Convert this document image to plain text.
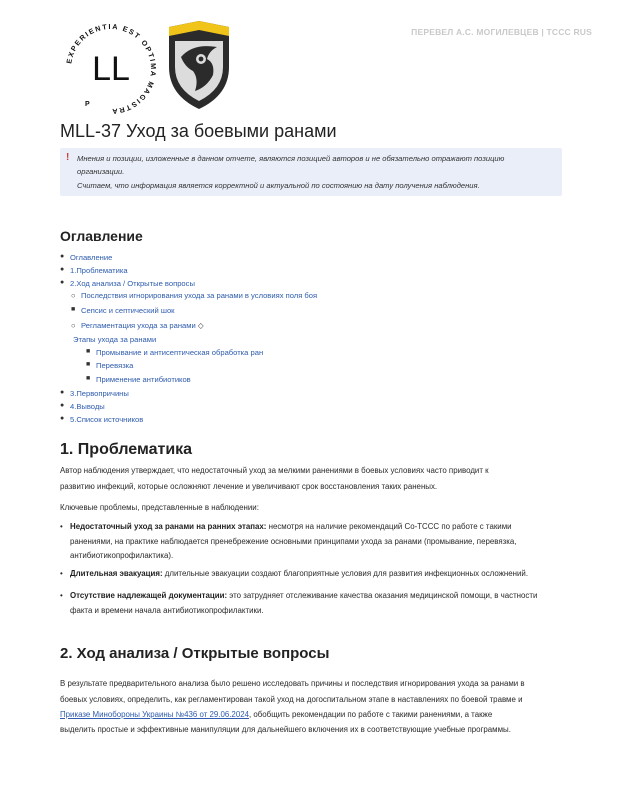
ПЕРЕВЕЛ А.С. МОГИЛЕВЦЕВ | TCCC RUS
EXPERIENTIA EST OPTIMA MAGISTRA
LL
P
MLL-37 Уход за боевыми ранами
! Мнения и позиции, изложенные в данном отчете, являются позицией авторов и не обязательно отражают позицию

организации.

Считаем, что информация является корректной и актуальной по состоянию на дату получения наблюдения.

Оглавление
● Оглавление
● 1.Проблематика
● 2.Ход анализа / Открытые вопросы
○ Последствия игнорирования ухода за ранами в условиях поля боя
■ Сепсис и септический шок
○ Регламентация ухода за ранами ◇
Этапы ухода за ранами
■ Промывание и антисептическая обработка ран
■ Перевязка
■ Применение антибиотиков
● 3.Первопричины
● 4.Выводы
● 5.Список источников
1. Проблематика

Автор наблюдения утверждает, что недостаточный уход за мелкими ранениями в боевых условиях часто приводит к

развитию инфекций, которые осложняют лечение и увеличивают срок восстановления таких раненых.

Ключевые проблемы, представленные в наблюдении:

• Недостаточный уход за ранами на ранних этапах: несмотря на наличие рекомендаций Co-TCCC по работе с такими
ранениями, на практике наблюдается пренебрежение основными принципами ухода за ранами (промывание, перевязка,
антибиотикопрофилактика).
• Длительная эвакуация: длительные эвакуации создают благоприятные условия для развития инфекционных осложнений.
• Отсутствие надлежащей документации: это затрудняет отслеживание качества оказания медицинской помощи, в частности
факта и времени начала антибиотикопрофилактики.
2. Ход анализа / Открытые вопросы

В результате предварительного анализа было решено исследовать причины и последствия игнорирования ухода за ранами в

боевых условиях, определить, как регламентирован такой уход на догоспитальном этапе в наставлениях по боевой травме и

Приказе Минобороны Украины №436 от 29.06.2024, обобщить рекомендации по работе с такими ранениями, а также

выделить простые и эффективные манипуляции для дальнейшего включения их в соответствующие учебные программы.
